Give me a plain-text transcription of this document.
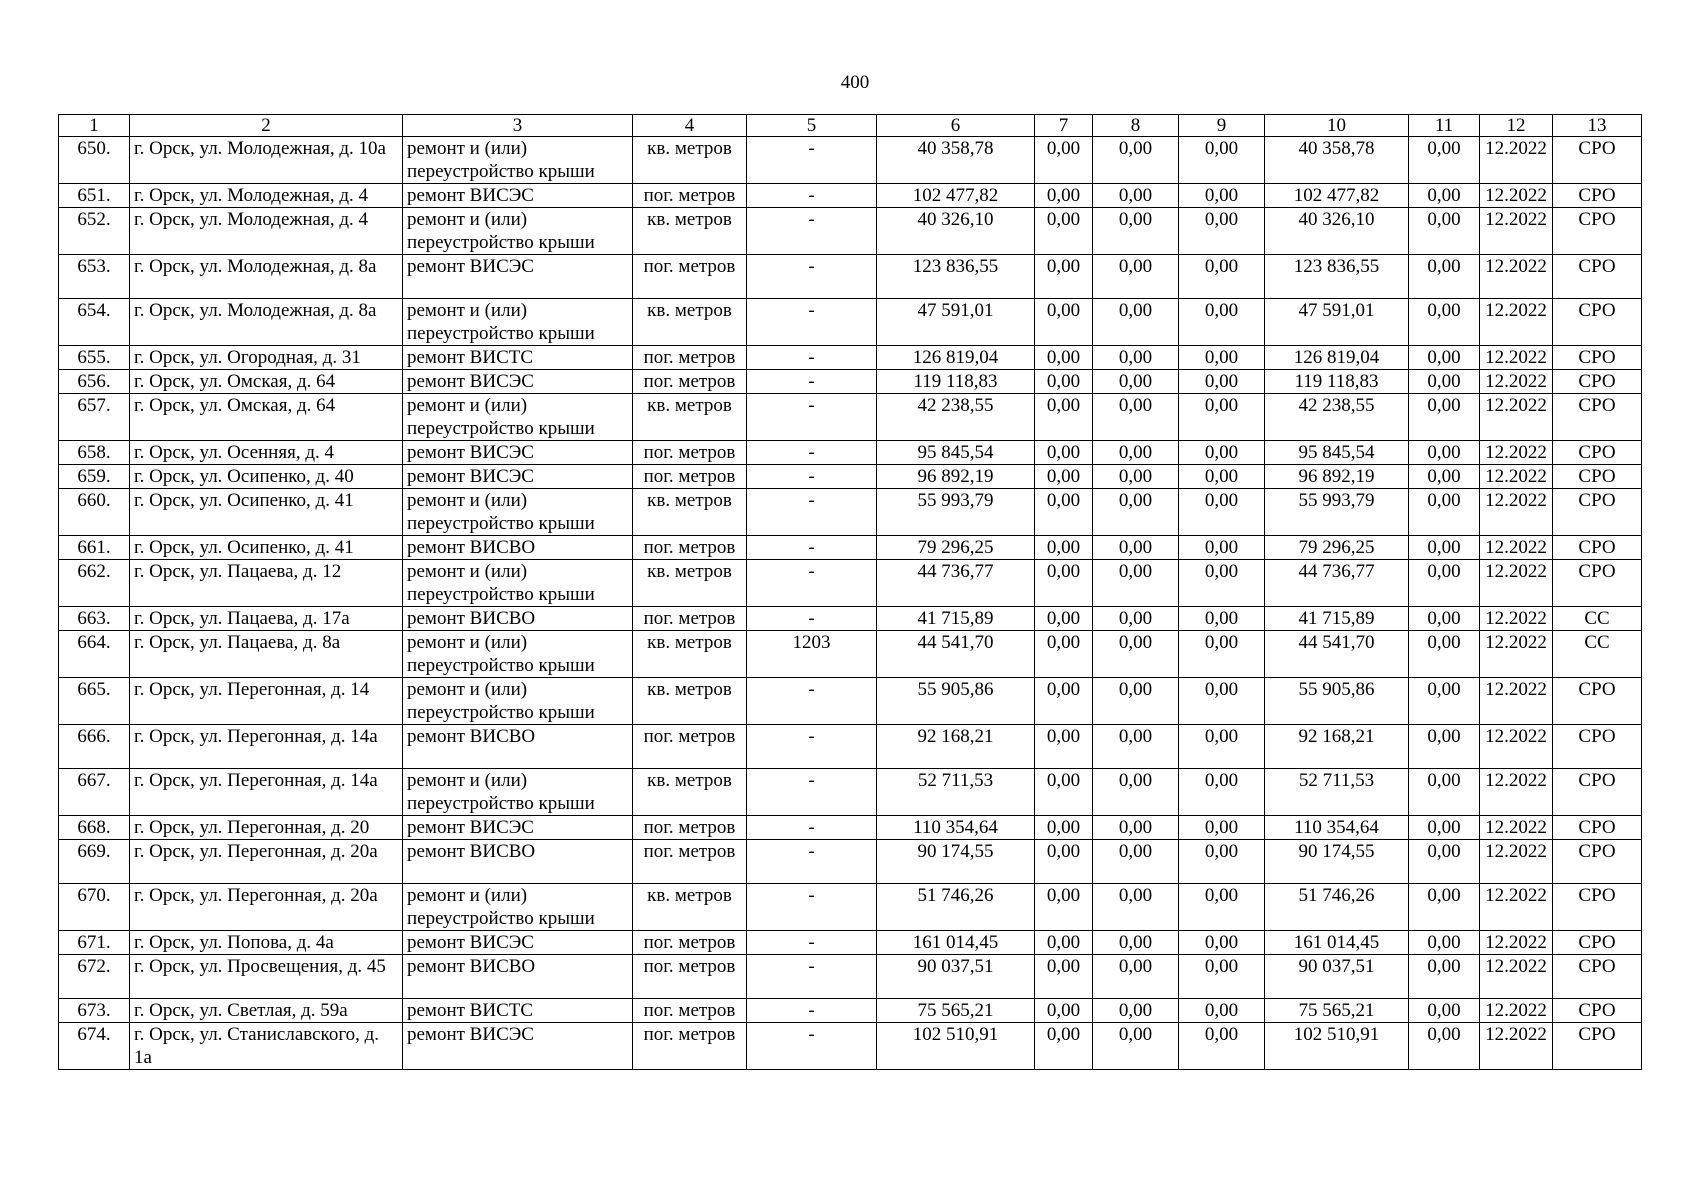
400
1	2	3	4	5	6	7	8	9	10	11	12	13
650.	г. Орск, ул. Молодежная, д. 10а	ремонт и (или) переустройство крыши	кв. метров	-	40 358,78	0,00	0,00	0,00	40 358,78	0,00	12.2022	СРО
651.	г. Орск, ул. Молодежная, д. 4	ремонт ВИСЭС	пог. метров	-	102 477,82	0,00	0,00	0,00	102 477,82	0,00	12.2022	СРО
652.	г. Орск, ул. Молодежная, д. 4	ремонт и (или) переустройство крыши	кв. метров	-	40 326,10	0,00	0,00	0,00	40 326,10	0,00	12.2022	СРО
653.	г. Орск, ул. Молодежная, д. 8а	ремонт ВИСЭС	пог. метров	-	123 836,55	0,00	0,00	0,00	123 836,55	0,00	12.2022	СРО
654.	г. Орск, ул. Молодежная, д. 8а	ремонт и (или) переустройство крыши	кв. метров	-	47 591,01	0,00	0,00	0,00	47 591,01	0,00	12.2022	СРО
655.	г. Орск, ул. Огородная, д. 31	ремонт ВИСТС	пог. метров	-	126 819,04	0,00	0,00	0,00	126 819,04	0,00	12.2022	СРО
656.	г. Орск, ул. Омская, д. 64	ремонт ВИСЭС	пог. метров	-	119 118,83	0,00	0,00	0,00	119 118,83	0,00	12.2022	СРО
657.	г. Орск, ул. Омская, д. 64	ремонт и (или) переустройство крыши	кв. метров	-	42 238,55	0,00	0,00	0,00	42 238,55	0,00	12.2022	СРО
658.	г. Орск, ул. Осенняя, д. 4	ремонт ВИСЭС	пог. метров	-	95 845,54	0,00	0,00	0,00	95 845,54	0,00	12.2022	СРО
659.	г. Орск, ул. Осипенко, д. 40	ремонт ВИСЭС	пог. метров	-	96 892,19	0,00	0,00	0,00	96 892,19	0,00	12.2022	СРО
660.	г. Орск, ул. Осипенко, д. 41	ремонт и (или) переустройство крыши	кв. метров	-	55 993,79	0,00	0,00	0,00	55 993,79	0,00	12.2022	СРО
661.	г. Орск, ул. Осипенко, д. 41	ремонт ВИСВО	пог. метров	-	79 296,25	0,00	0,00	0,00	79 296,25	0,00	12.2022	СРО
662.	г. Орск, ул. Пацаева, д. 12	ремонт и (или) переустройство крыши	кв. метров	-	44 736,77	0,00	0,00	0,00	44 736,77	0,00	12.2022	СРО
663.	г. Орск, ул. Пацаева, д. 17а	ремонт ВИСВО	пог. метров	-	41 715,89	0,00	0,00	0,00	41 715,89	0,00	12.2022	СС
664.	г. Орск, ул. Пацаева, д. 8а	ремонт и (или) переустройство крыши	кв. метров	1203	44 541,70	0,00	0,00	0,00	44 541,70	0,00	12.2022	СС
665.	г. Орск, ул. Перегонная, д. 14	ремонт и (или) переустройство крыши	кв. метров	-	55 905,86	0,00	0,00	0,00	55 905,86	0,00	12.2022	СРО
666.	г. Орск, ул. Перегонная, д. 14а	ремонт ВИСВО	пог. метров	-	92 168,21	0,00	0,00	0,00	92 168,21	0,00	12.2022	СРО
667.	г. Орск, ул. Перегонная, д. 14а	ремонт и (или) переустройство крыши	кв. метров	-	52 711,53	0,00	0,00	0,00	52 711,53	0,00	12.2022	СРО
668.	г. Орск, ул. Перегонная, д. 20	ремонт ВИСЭС	пог. метров	-	110 354,64	0,00	0,00	0,00	110 354,64	0,00	12.2022	СРО
669.	г. Орск, ул. Перегонная, д. 20а	ремонт ВИСВО	пог. метров	-	90 174,55	0,00	0,00	0,00	90 174,55	0,00	12.2022	СРО
670.	г. Орск, ул. Перегонная, д. 20а	ремонт и (или) переустройство крыши	кв. метров	-	51 746,26	0,00	0,00	0,00	51 746,26	0,00	12.2022	СРО
671.	г. Орск, ул. Попова, д. 4а	ремонт ВИСЭС	пог. метров	-	161 014,45	0,00	0,00	0,00	161 014,45	0,00	12.2022	СРО
672.	г. Орск, ул. Просвещения, д. 45	ремонт ВИСВО	пог. метров	-	90 037,51	0,00	0,00	0,00	90 037,51	0,00	12.2022	СРО
673.	г. Орск, ул. Светлая, д. 59а	ремонт ВИСТС	пог. метров	-	75 565,21	0,00	0,00	0,00	75 565,21	0,00	12.2022	СРО
674.	г. Орск, ул. Станиславского, д. 1а	ремонт ВИСЭС	пог. метров	-	102 510,91	0,00	0,00	0,00	102 510,91	0,00	12.2022	СРО
